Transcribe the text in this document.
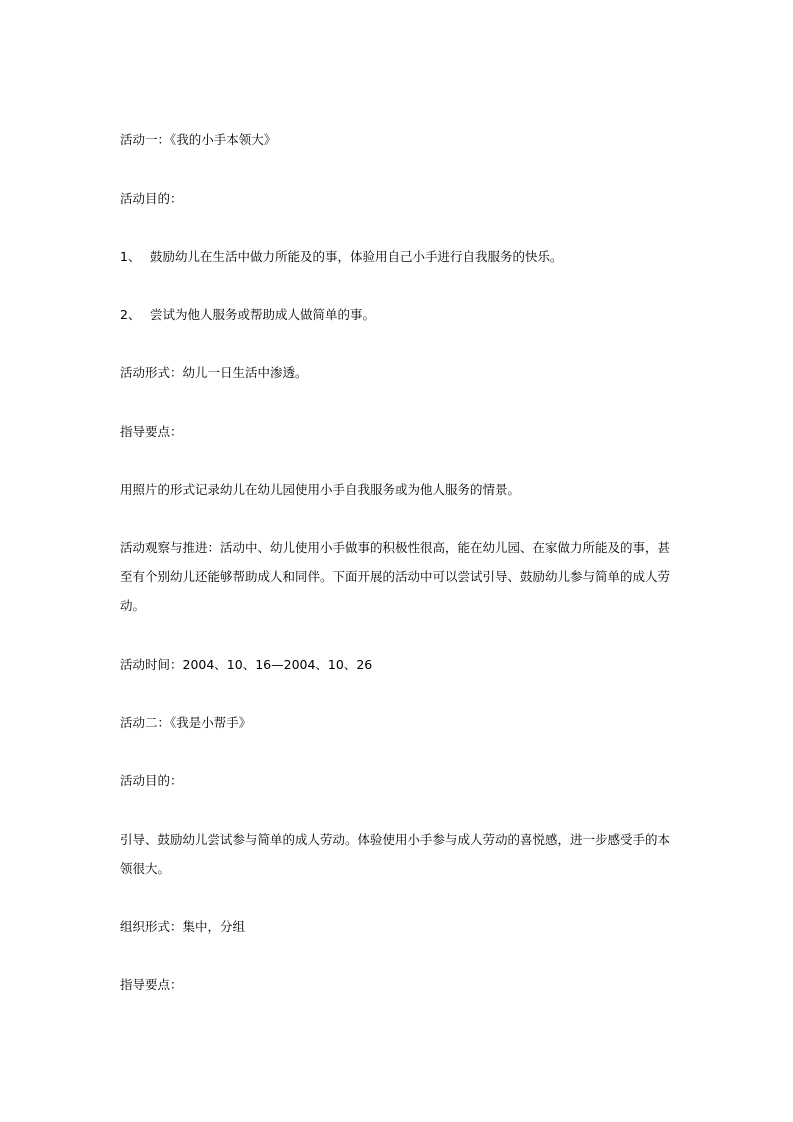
活动一：《我的小手本领大》
活动目的：
1、 鼓励幼儿在生活中做力所能及的事，体验用自己小手进行自我服务的快乐。
2、 尝试为他人服务或帮助成人做简单的事。
活动形式：幼儿一日生活中渗透。
指导要点：
用照片的形式记录幼儿在幼儿园使用小手自我服务或为他人服务的情景。
活动观察与推进：活动中、幼儿使用小手做事的积极性很高，能在幼儿园、在家做力所能及的事，甚至有个别幼儿还能够帮助成人和同伴。下面开展的活动中可以尝试引导、鼓励幼儿参与简单的成人劳动。
活动时间：2004、10、16—2004、10、26
活动二：《我是小帮手》
活动目的：
引导、鼓励幼儿尝试参与简单的成人劳动。体验使用小手参与成人劳动的喜悦感，进一步感受手的本领很大。
组织形式：集中，分组
指导要点：
